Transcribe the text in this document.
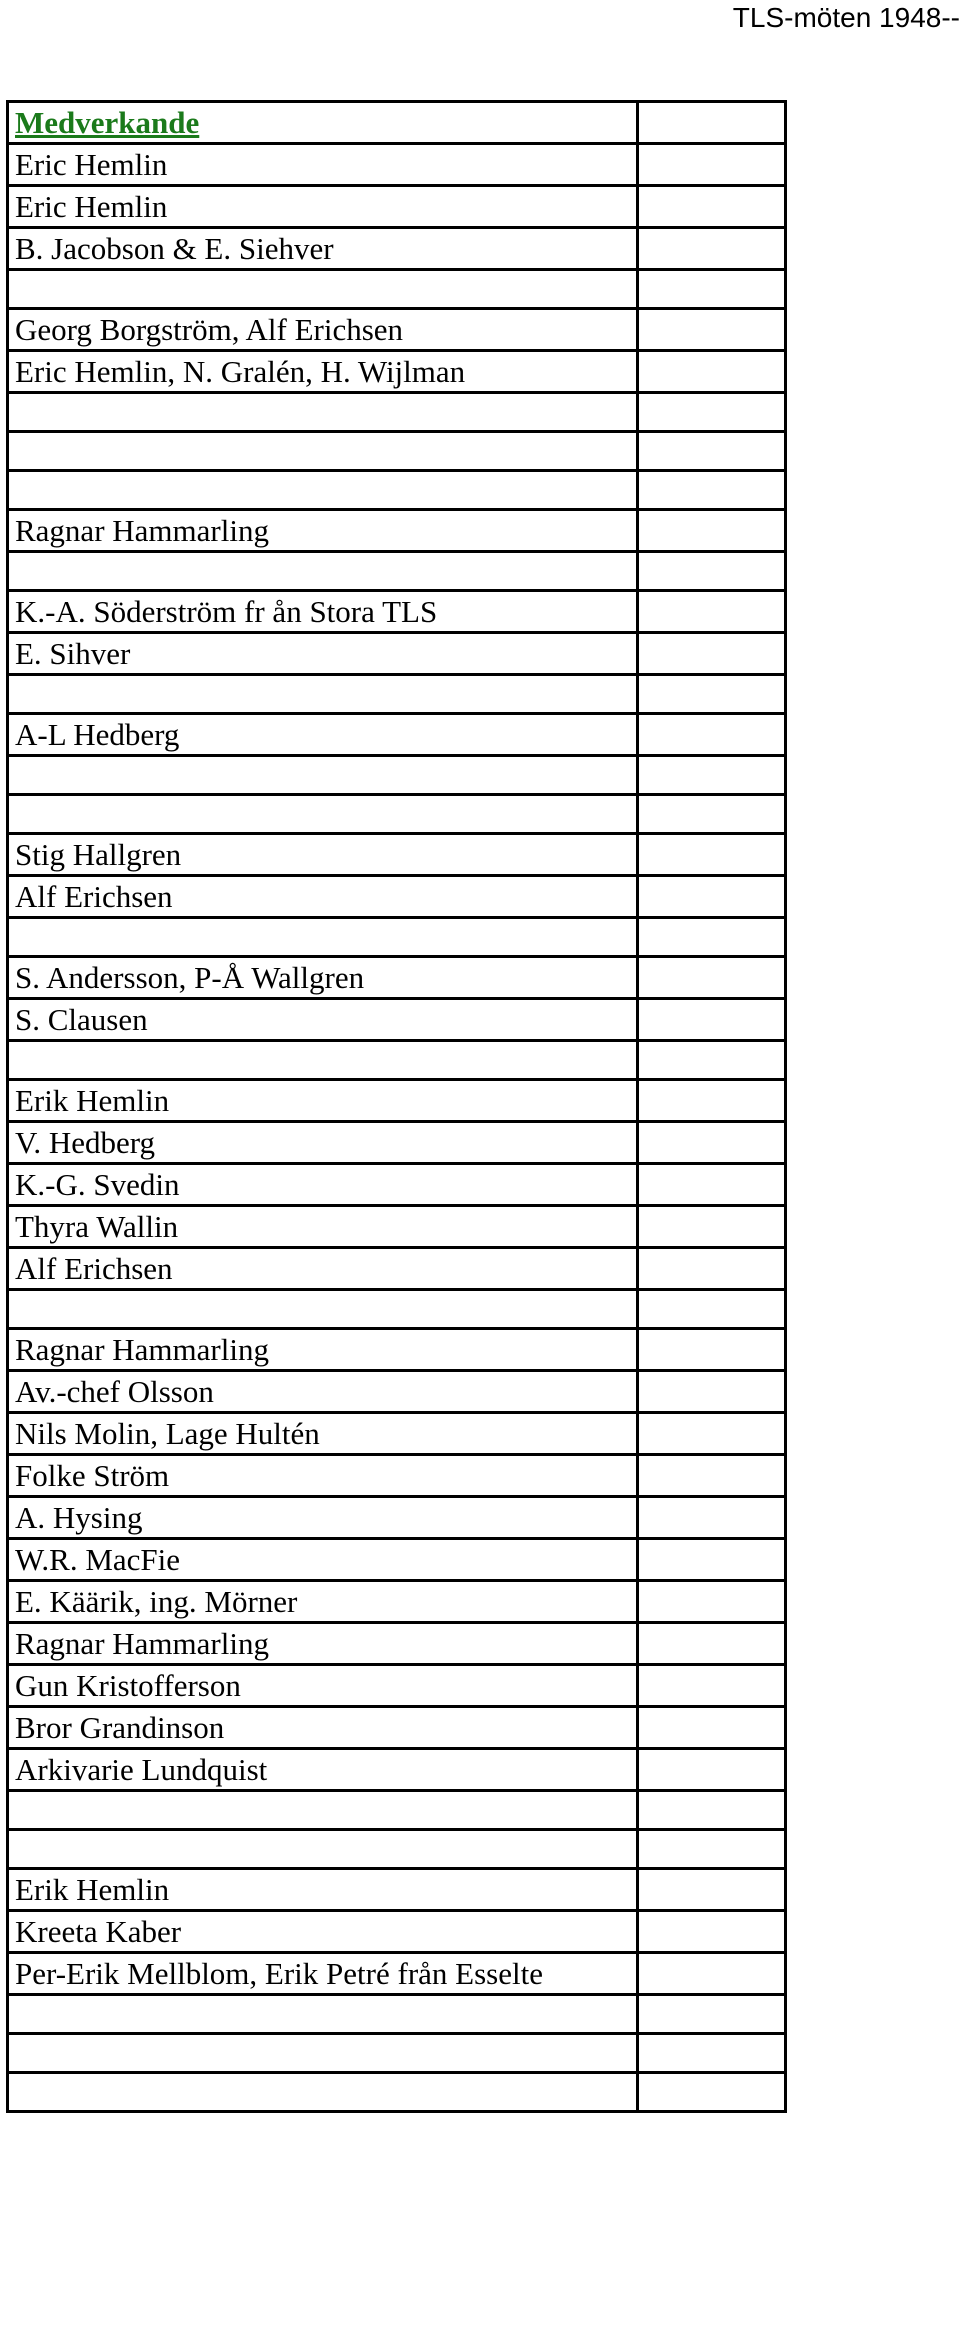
TLS-möten 1948--
Medverkande	
Eric Hemlin	
Eric Hemlin	
B. Jacobson & E. Siehver	

Georg Borgström, Alf Erichsen	
Eric Hemlin, N. Gralén, H. Wijlman	

Ragnar Hammarling	

K.-A. Söderström fr ån Stora TLS	
E. Sihver	

A-L Hedberg	

Stig Hallgren	
Alf Erichsen	

S. Andersson, P-Å Wallgren	
S. Clausen	

Erik Hemlin	
V. Hedberg	
K.-G. Svedin	
Thyra Wallin	
Alf Erichsen	

Ragnar Hammarling	
Av.-chef Olsson	
Nils Molin, Lage Hultén	
Folke Ström	
A. Hysing	
W.R. MacFie	
E. Käärik, ing. Mörner	
Ragnar Hammarling	
Gun Kristofferson	
Bror Grandinson	
Arkivarie Lundquist	

Erik Hemlin	
Kreeta Kaber	
Per-Erik Mellblom, Erik Petré från Esselte	
